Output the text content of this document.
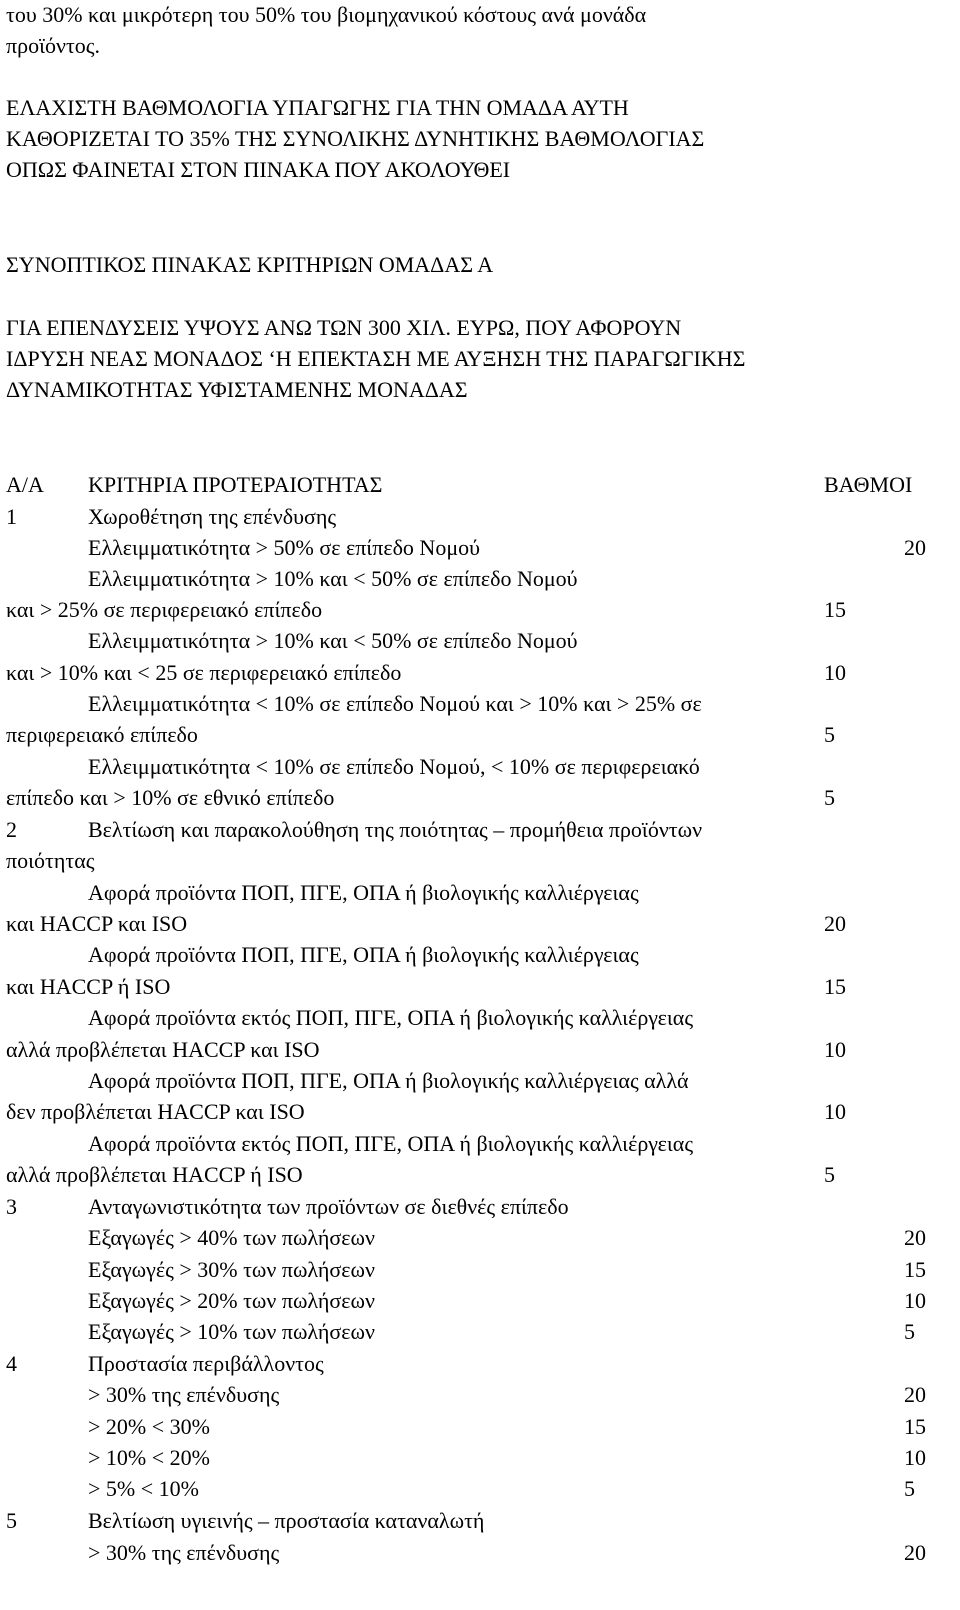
του 30% και μικρότερη του 50% του βιομηχανικού κόστους ανά μονάδα
προϊόντος.
ΕΛΑΧΙΣΤΗ ΒΑΘΜΟΛΟΓΙΑ ΥΠΑΓΩΓΗΣ ΓΙΑ ΤΗΝ ΟΜΑΔΑ ΑΥΤΗ
ΚΑΘΟΡΙΖΕΤΑΙ ΤΟ 35% ΤΗΣ ΣΥΝΟΛΙΚΗΣ ΔΥΝΗΤΙΚΗΣ ΒΑΘΜΟΛΟΓΙΑΣ
ΟΠΩΣ ΦΑΙΝΕΤΑΙ ΣΤΟΝ ΠΙΝΑΚΑ ΠΟΥ ΑΚΟΛΟΥΘΕΙ
ΣΥΝΟΠΤΙΚΟΣ ΠΙΝΑΚΑΣ ΚΡΙΤΗΡΙΩΝ ΟΜΑΔΑΣ Α
ΓΙΑ ΕΠΕΝΔΥΣΕΙΣ ΥΨΟΥΣ ΑΝΩ ΤΩΝ 300 ΧΙΛ. ΕΥΡΩ, ΠΟΥ ΑΦΟΡΟΥΝ
ΙΔΡΥΣΗ ΝΕΑΣ ΜΟΝΑΔΟΣ ‘Η ΕΠΕΚΤΑΣΗ ΜΕ ΑΥΞΗΣΗ ΤΗΣ ΠΑΡΑΓΩΓΙΚΗΣ
ΔΥΝΑΜΙΚΟΤΗΤΑΣ ΥΦΙΣΤΑΜΕΝΗΣ ΜΟΝΑΔΑΣ
Α/Α ΚΡΙΤΗΡΙΑ ΠΡΟΤΕΡΑΙΟΤΗΤΑΣ	ΒΑΘΜΟΙ
1	Χωροθέτηση της επένδυσης
Ελλειμματικότητα > 50% σε επίπεδο Νομού	20
Ελλειμματικότητα > 10% και < 50% σε επίπεδο Νομού
και > 25% σε περιφερειακό επίπεδο	15
Ελλειμματικότητα > 10% και < 50% σε επίπεδο Νομού
και > 10% και < 25 σε περιφερειακό επίπεδο	10
Ελλειμματικότητα < 10% σε επίπεδο Νομού και > 10% και > 25% σε
περιφερειακό επίπεδο	5
Ελλειμματικότητα < 10% σε επίπεδο Νομού, < 10% σε περιφερειακό
επίπεδο και > 10% σε εθνικό επίπεδο	5
2	Βελτίωση και παρακολούθηση της ποιότητας – προμήθεια προϊόντων
ποιότητας
Αφορά προϊόντα ΠΟΠ, ΠΓΕ, ΟΠΑ ή βιολογικής καλλιέργειας
και HACCP και ISO	20
Αφορά προϊόντα ΠΟΠ, ΠΓΕ, ΟΠΑ ή βιολογικής καλλιέργειας
και HACCP ή ISO	15
Αφορά προϊόντα εκτός ΠΟΠ, ΠΓΕ, ΟΠΑ ή βιολογικής καλλιέργειας
αλλά προβλέπεται HACCP και ISO	10
Αφορά προϊόντα ΠΟΠ, ΠΓΕ, ΟΠΑ ή βιολογικής καλλιέργειας αλλά
δεν προβλέπεται HACCP και ISO	10
Αφορά προϊόντα εκτός ΠΟΠ, ΠΓΕ, ΟΠΑ ή βιολογικής καλλιέργειας
αλλά προβλέπεται HACCP ή ISO	5
3	Ανταγωνιστικότητα των προϊόντων σε διεθνές επίπεδο
Εξαγωγές > 40% των πωλήσεων	20
Εξαγωγές > 30% των πωλήσεων	15
Εξαγωγές > 20% των πωλήσεων	10
Εξαγωγές > 10% των πωλήσεων	5
4	Προστασία περιβάλλοντος
> 30% της επένδυσης	20
> 20% < 30%	15
> 10% < 20%	10
> 5% < 10%	5
5	Βελτίωση υγιεινής – προστασία καταναλωτή
> 30% της επένδυσης	20
